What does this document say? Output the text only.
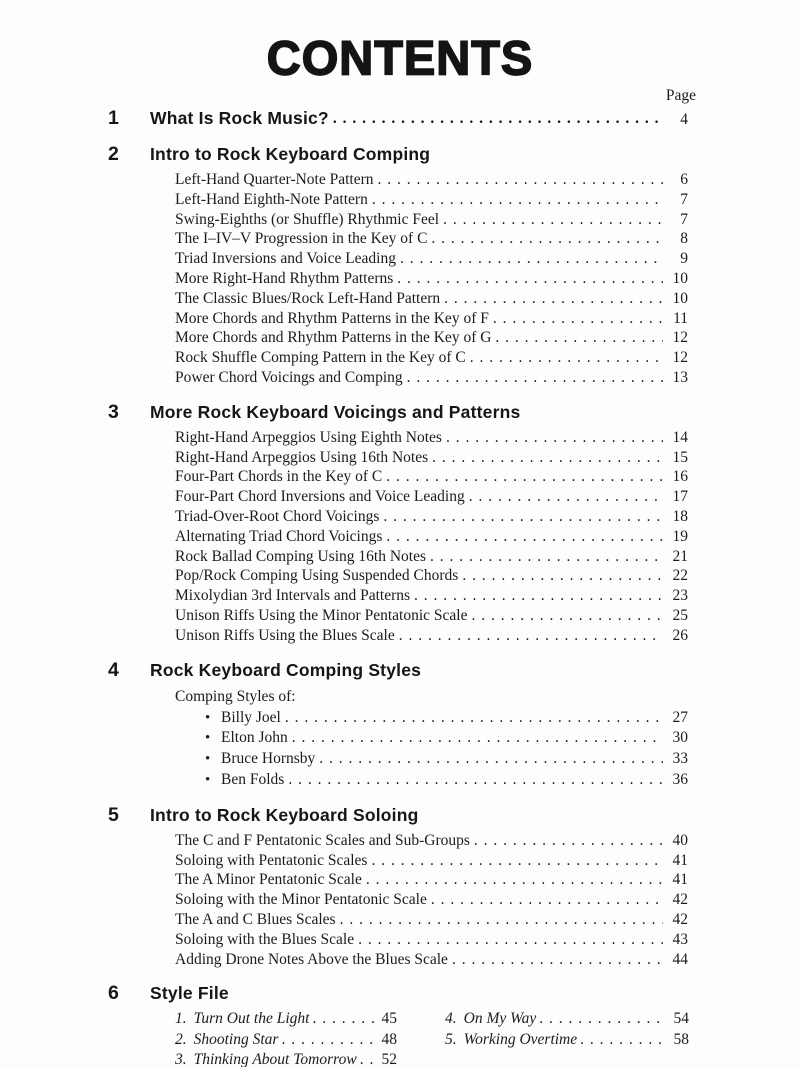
CONTENTS
Page
1	What Is Rock Music? . . .	4
2	Intro to Rock Keyboard Comping
Left-Hand Quarter-Note Pattern . . .	6
Left-Hand Eighth-Note Pattern . . .	7
Swing-Eighths (or Shuffle) Rhythmic Feel . . .	7
The I–IV–V Progression in the Key of C . . .	8
Triad Inversions and Voice Leading . . .	9
More Right-Hand Rhythm Patterns . . .	10
The Classic Blues/Rock Left-Hand Pattern . . .	10
More Chords and Rhythm Patterns in the Key of F . . .	11
More Chords and Rhythm Patterns in the Key of G . . .	12
Rock Shuffle Comping Pattern in the Key of C . . .	12
Power Chord Voicings and Comping . . .	13
3	More Rock Keyboard Voicings and Patterns
Right-Hand Arpeggios Using Eighth Notes . . .	14
Right-Hand Arpeggios Using 16th Notes . . .	15
Four-Part Chords in the Key of C . . .	16
Four-Part Chord Inversions and Voice Leading . . .	17
Triad-Over-Root Chord Voicings . . .	18
Alternating Triad Chord Voicings . . .	19
Rock Ballad Comping Using 16th Notes . . .	21
Pop/Rock Comping Using Suspended Chords . . .	22
Mixolydian 3rd Intervals and Patterns . . .	23
Unison Riffs Using the Minor Pentatonic Scale . . .	25
Unison Riffs Using the Blues Scale . . .	26
4	Rock Keyboard Comping Styles
Comping Styles of:
• Billy Joel . . .	27
• Elton John . . .	30
• Bruce Hornsby . . .	33
• Ben Folds . . .	36
5	Intro to Rock Keyboard Soloing
The C and F Pentatonic Scales and Sub-Groups . . .	40
Soloing with Pentatonic Scales . . .	41
The A Minor Pentatonic Scale . . .	41
Soloing with the Minor Pentatonic Scale . . .	42
The A and C Blues Scales . . .	42
Soloing with the Blues Scale . . .	43
Adding Drone Notes Above the Blues Scale . . .	44
6	Style File
1. Turn Out the Light . . .	45
2. Shooting Star . . .	48
3. Thinking About Tomorrow . . . 52
4. On My Way . . .	54
5. Working Overtime . . .	58
